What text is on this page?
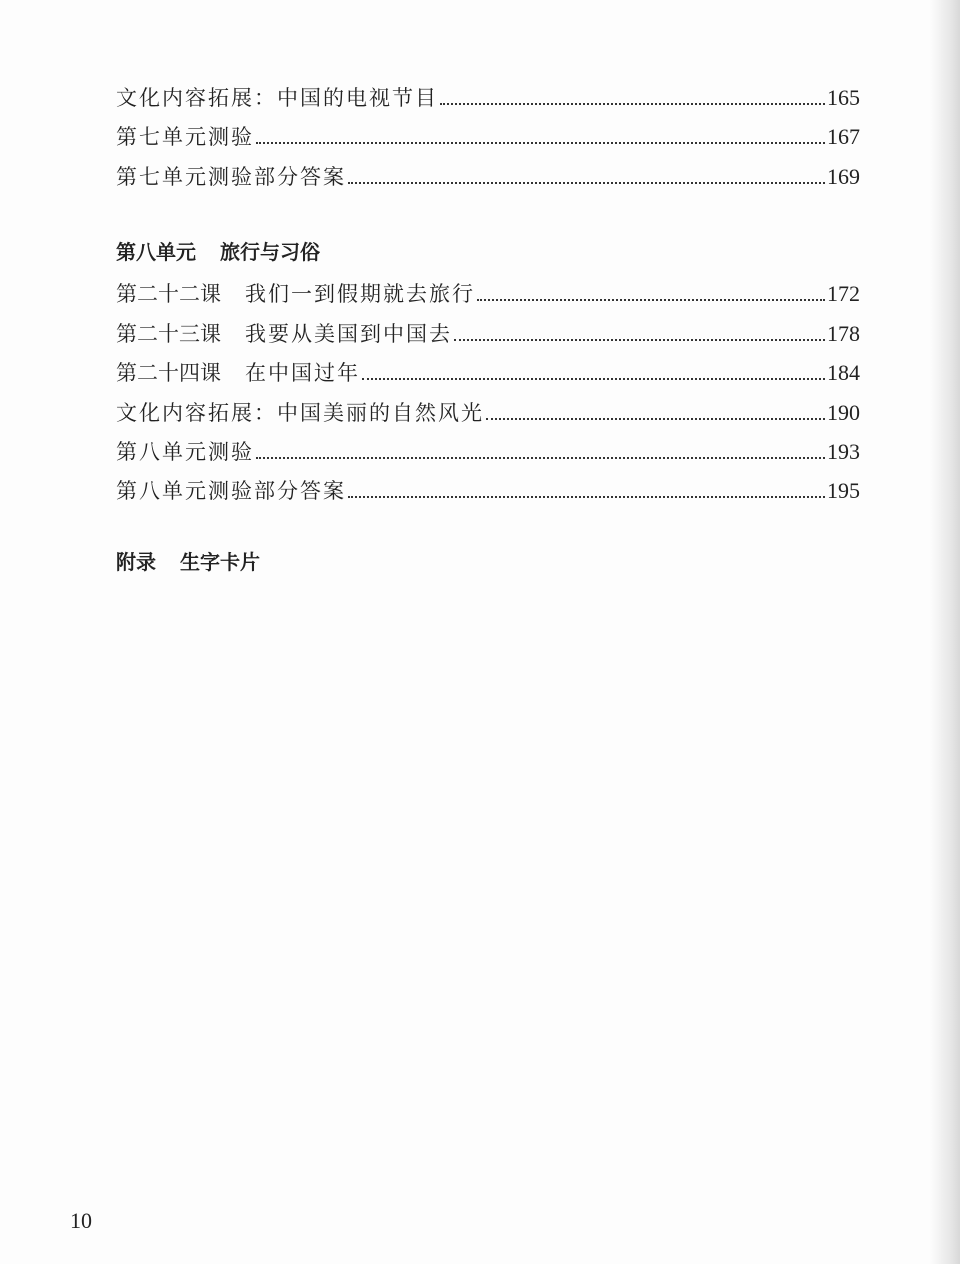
文化内容拓展：中国的电视节目	165
第七单元测验	167
第七单元测验部分答案	169
第八单元 旅行与习俗
第二十二课 我们一到假期就去旅行	172
第二十三课 我要从美国到中国去	178
第二十四课 在中国过年	184
文化内容拓展：中国美丽的自然风光	190
第八单元测验	193
第八单元测验部分答案	195
附录 生字卡片
10
